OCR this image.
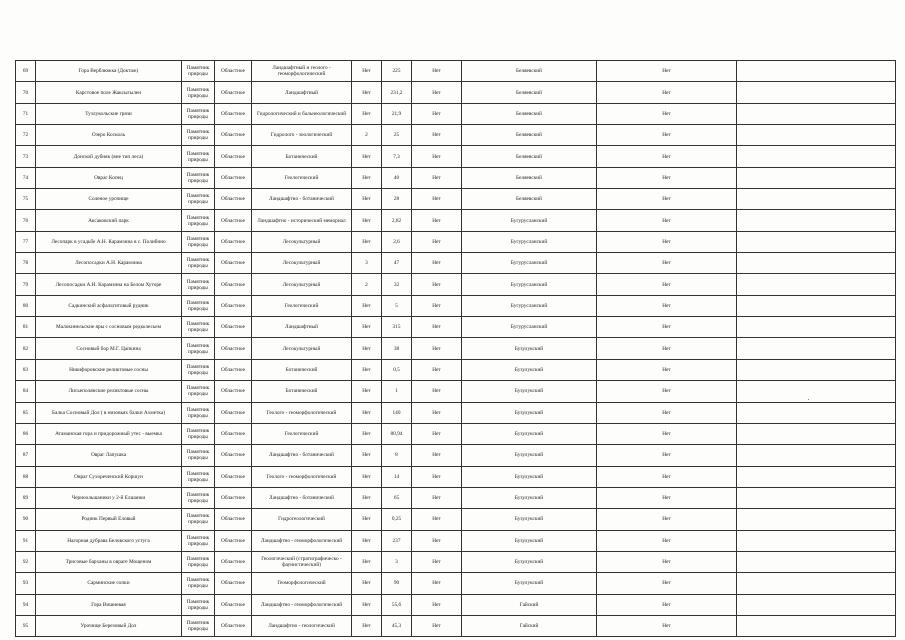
69	Гора Верблюжка (Доктаж)	Памятник природы	Областное	Ландшафтный и геолого - геоморфологический	Нет	225	Нет	Беляевский	Нет	
70	Карстовое поле Жаксыгылен	Памятник природы	Областное	Ландшафтный	Нет	231,2	Нет	Беляевский	Нет	
71	Тузлукольские грязи	Памятник природы	Областное	Гидрологический и бальнеологический	Нет	21,9	Нет	Беляевский	Нет	
72	Озеро Косколь	Памятник природы	Областное	Гидролого - зоологический	2	25	Нет	Беляевский	Нет	
73	Донской дубняк (вне тип леса)	Памятник природы	Областное	Ботанический	Нет	7,3	Нет	Беляевский	Нет	
74	Овраг Копец	Памятник природы	Областное	Геологический	Нет	40	Нет	Беляевский	Нет	
75	Соленое урочище	Памятник природы	Областное	Ландшафтно - ботанический	Нет	28	Нет	Беляевский	Нет	
76	Аксаковский парк	Памятник природы	Областное	Ландшафтно - исторический мемориал	Нет	2,82	Нет	Бугурусланский	Нет	
77	Лесопарк в усадьбе А.Н. Карамзина в с. Полибино	Памятник природы	Областное	Лесокультурный	Нет	2,6	Нет	Бугурусланский	Нет	
78	Лесопосадки А.Н. Карамзина	Памятник природы	Областное	Лесокультурный	3	47	Нет	Бугурусланский	Нет	
79	Лесопосадки А.Н. Карамзина на Белом Хуторе	Памятник природы	Областное	Лесокультурный	2	32	Нет	Бугурусланский	Нет	
80	Садкинский асфальтитовый рудник	Памятник природы	Областное	Геологический	Нет	5	Нет	Бугурусланский	Нет	
81	Малокинельские яры с сосновым редколесьем	Памятник природы	Областное	Ландшафтный	Нет	315	Нет	Бугурусланский	Нет	
82	Сосновый бор М.Г. Цапкина	Памятник природы	Областное	Лесокультурный	Нет	38	Нет	Бузулукский	Нет	
83	Никифоровские реликтовые сосны	Памятник природы	Областное	Ботанический	Нет	0,5	Нет	Бузулукский	Нет	
84	Лисьеполянские реликтовые сосны	Памятник природы	Областное	Ботанический	Нет	1	Нет	Бузулукский	Нет	
85	Балка Сосновый Дол ( в низовьях балки Ахметка)	Памятник природы	Областное	Геолого - геоморфологический	Нет	140	Нет	Бузулукский	Нет	
86	Атаманская гора и придорожный утес - выемка	Памятник природы	Областное	Геологический	Нет	80,94	Нет	Бузулукский	Нет	
87	Овраг Лапушка	Памятник природы	Областное	Ландшафтно - ботанический	Нет	8	Нет	Бузулукский	Нет	
88	Овраг Сухореченский Коршун	Памятник природы	Областное	Геолого - геоморфологический	Нет	14	Нет	Бузулукский	Нет	
89	Черноольшаники у 2-й Елшанки	Памятник природы	Областное	Ландшафтно - ботанический	Нет	65	Нет	Бузулукский	Нет	
90	Родник Первый Еловый	Памятник природы	Областное	Гидрогеологический	Нет	0,25	Нет	Бузулукский	Нет	
91	Нагорная дубрава Беловского устуга	Памятник природы	Областное	Ландшафтно - геоморфологический	Нет	237	Нет	Бузулукский	Нет	
92	Трисовые барханы в овраге Мощеном	Памятник природы	Областное	Геологический (стратиграфическо - фаунистический)	Нет	3	Нет	Бузулукский	Нет	
93	Сарминские сопки	Памятник природы	Областное	Геоморфологический	Нет	90	Нет	Бузулукский	Нет	
94	Гора Вишневая	Памятник природы	Областное	Ландшафтно - геоморфологический	Нет	55,6	Нет	Гайский	Нет	
95	Урочище Березовый Дол	Памятник природы	Областное	Ландшафтно - геологический	Нет	45,3	Нет	Гайский	Нет	
